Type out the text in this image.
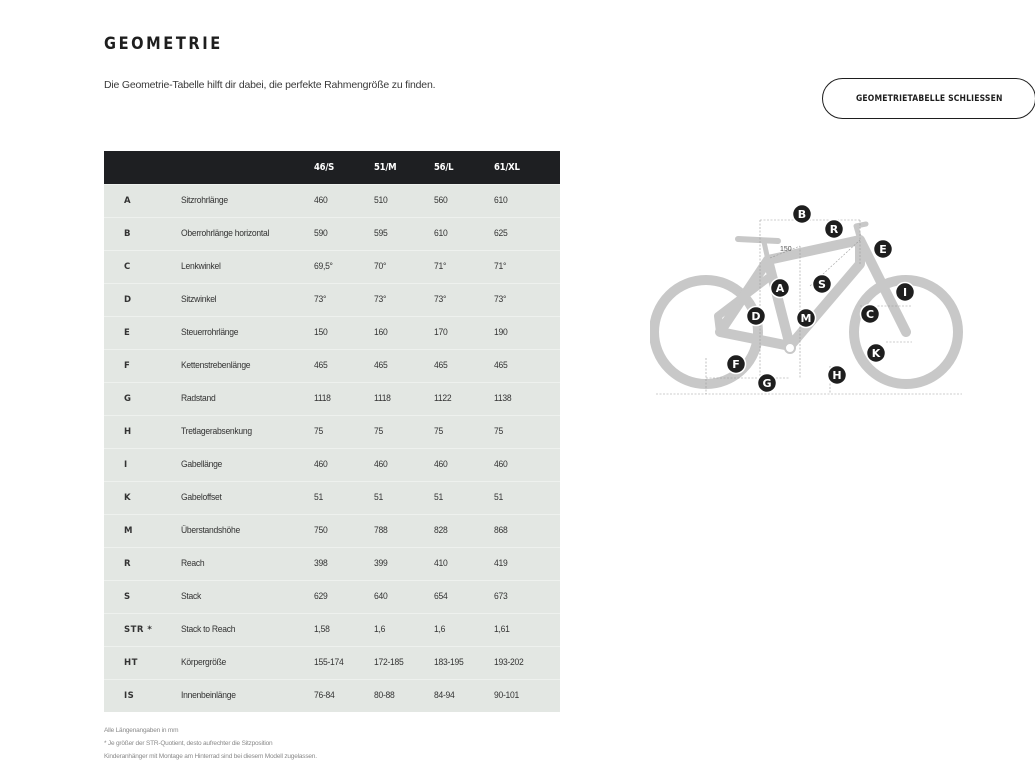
GEOMETRIE
Die Geometrie-Tabelle hilft dir dabei, die perfekte Rahmengröße zu finden.
GEOMETRIETABELLE SCHLIESSEN
		46/S	51/M	56/L	61/XL
A	Sitzrohrlänge	460	510	560	610
B	Oberrohrlänge horizontal	590	595	610	625
C	Lenkwinkel	69,5°	70°	71°	71°
D	Sitzwinkel	73°	73°	73°	73°
E	Steuerrohrlänge	150	160	170	190
F	Kettenstrebenlänge	465	465	465	465
G	Radstand	1118	1118	1122	1138
H	Tretlagerabsenkung	75	75	75	75
I	Gabellänge	460	460	460	460
K	Gabeloffset	51	51	51	51
M	Überstandshöhe	750	788	828	868
R	Reach	398	399	410	419
S	Stack	629	640	654	673
STR *	Stack to Reach	1,58	1,6	1,6	1,61
HT	Körpergröße	155-174	172-185	183-195	193-202
IS	Innenbeinlänge	76-84	80-88	84-94	90-101
Alle Längenangaben in mm
* Je größer der STR-Quotient, desto aufrechter die Sitzposition
Kinderanhänger mit Montage am Hinterrad sind bei diesem Modell zugelassen.
150
B
R
E
A	S
I
D	M	C
K
F
H
G
